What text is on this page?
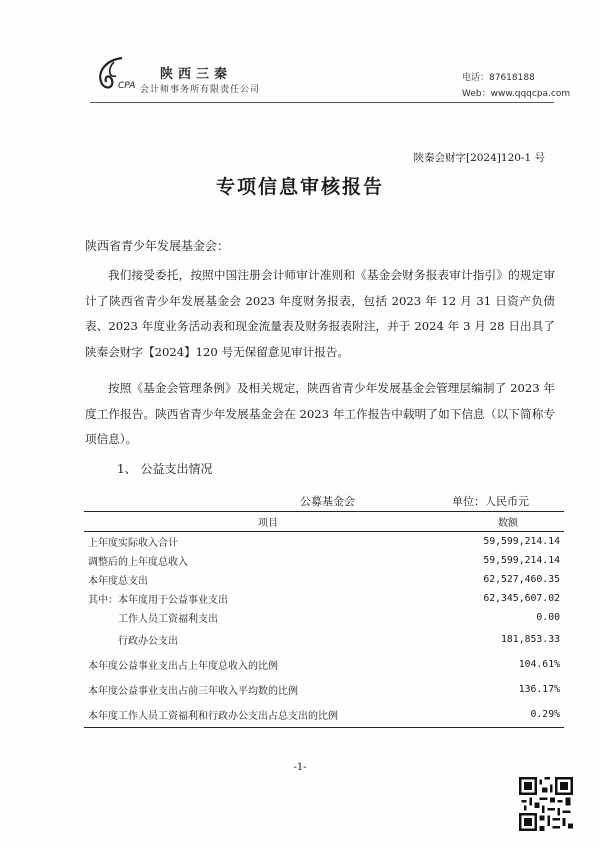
CPA
陕西三秦
会计师事务所有限责任公司
电话：87618188
Web：www.qqqcpa.com
陕秦会财字[2024]120-1 号
专项信息审核报告
陕西省青少年发展基金会：

我们接受委托，按照中国注册会计师审计准则和《基金会财务报表审计指引》的规定审计了陕西省青少年发展基金会 2023 年度财务报表，包括 2023 年 12 月 31 日资产负债表、2023 年度业务活动表和现金流量表及财务报表附注，并于 2024 年 3 月 28 日出具了陕秦会财字【2024】120 号无保留意见审计报告。

按照《基金会管理条例》及相关规定，陕西省青少年发展基金会管理层编制了 2023 年度工作报告。陕西省青少年发展基金会在 2023 年工作报告中载明了如下信息（以下简称专项信息）。

1、 公益支出情况
公募基金会	单位：人民币元
项目	数额
上年度实际收入合计	59,599,214.14
调整后的上年度总收入	59,599,214.14
本年度总支出	62,527,460.35
其中：本年度用于公益事业支出	62,345,607.02
工作人员工资福利支出	0.00
行政办公支出	181,853.33
本年度公益事业支出占上年度总收入的比例	104.61%
本年度公益事业支出占前三年收入平均数的比例	136.17%
本年度工作人员工资福利和行政办公支出占总支出的比例	0.29%
-1-
